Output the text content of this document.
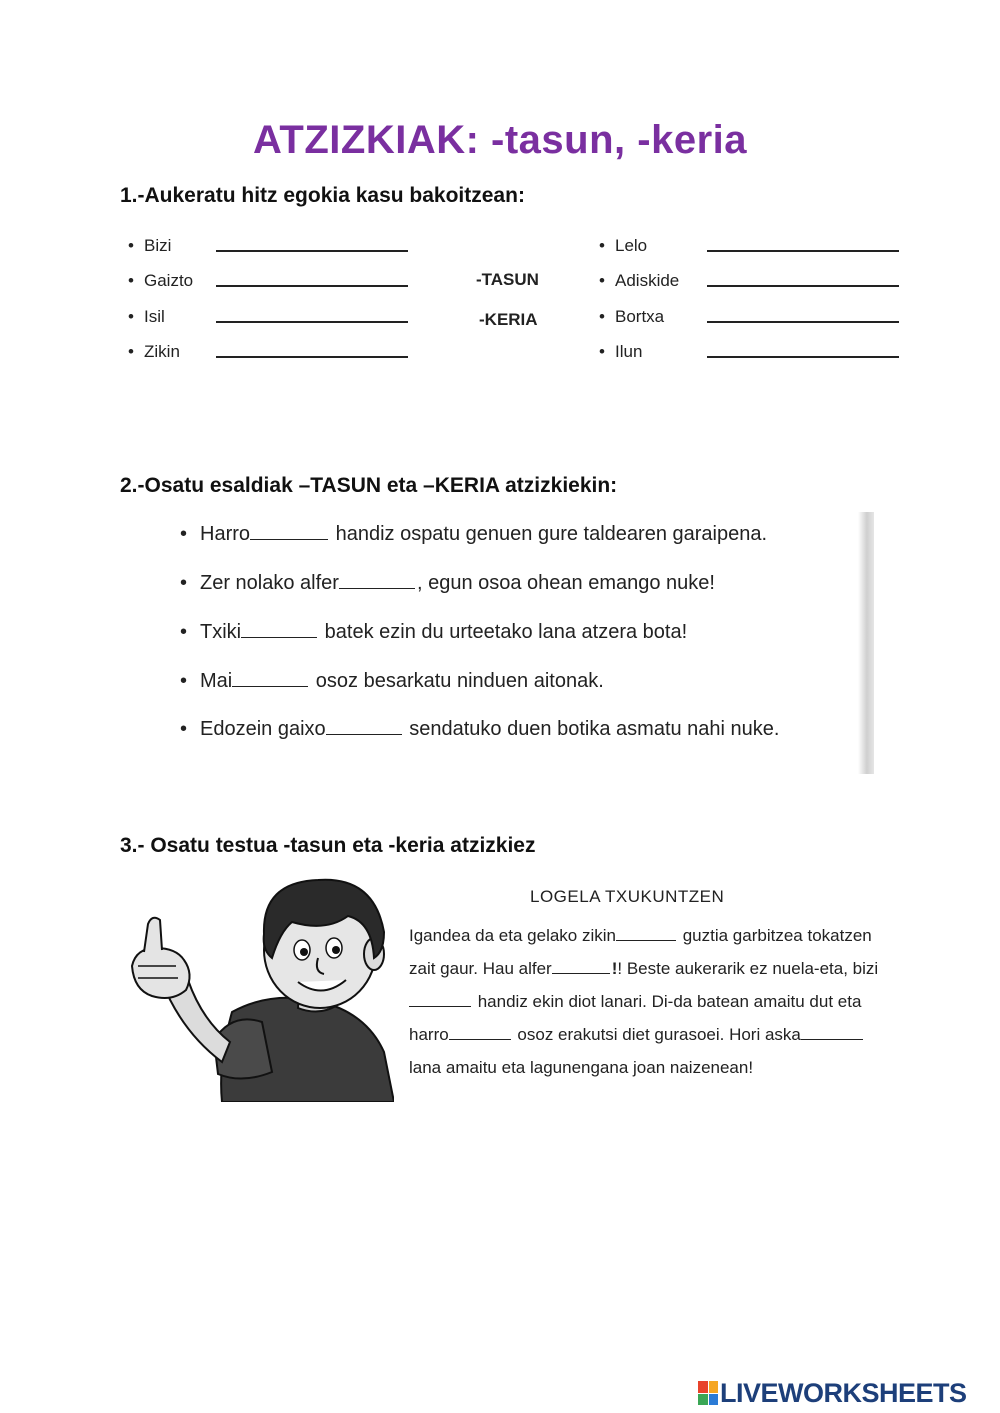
ATZIZKIAK: -tasun, -keria
1.-Aukeratu hitz egokia kasu bakoitzean:
• Bizi
• Gaizto
• Isil
• Zikin
-TASUN
-KERIA
• Lelo
• Adiskide
• Bortxa
• Ilun
2.-Osatu esaldiak –TASUN eta –KERIA atzizkiekin:
• Harro	handiz ospatu genuen gure taldearen garaipena.
• Zer nolako alfer	, egun osoa ohean emango nuke!
• Txiki	batek ezin du urteetako lana atzera bota!
• Mai	osoz besarkatu ninduen aitonak.
• Edozein gaixo	sendatuko duen botika asmatu nahi nuke.
3.- Osatu testua -tasun eta -keria atzizkiez
LOGELA TXUKUNTZEN
Igandea da eta gelako zikin	guztia garbitzea tokatzen
zait gaur. Hau alfer	!! Beste aukerarik ez nuela-eta, bizi
handiz ekin diot lanari. Di-da batean amaitu dut eta
harro	osoz erakutsi diet gurasoei. Hori aska
lana amaitu eta lagunengana joan naizenean!
LIVEWORKSHEETS
